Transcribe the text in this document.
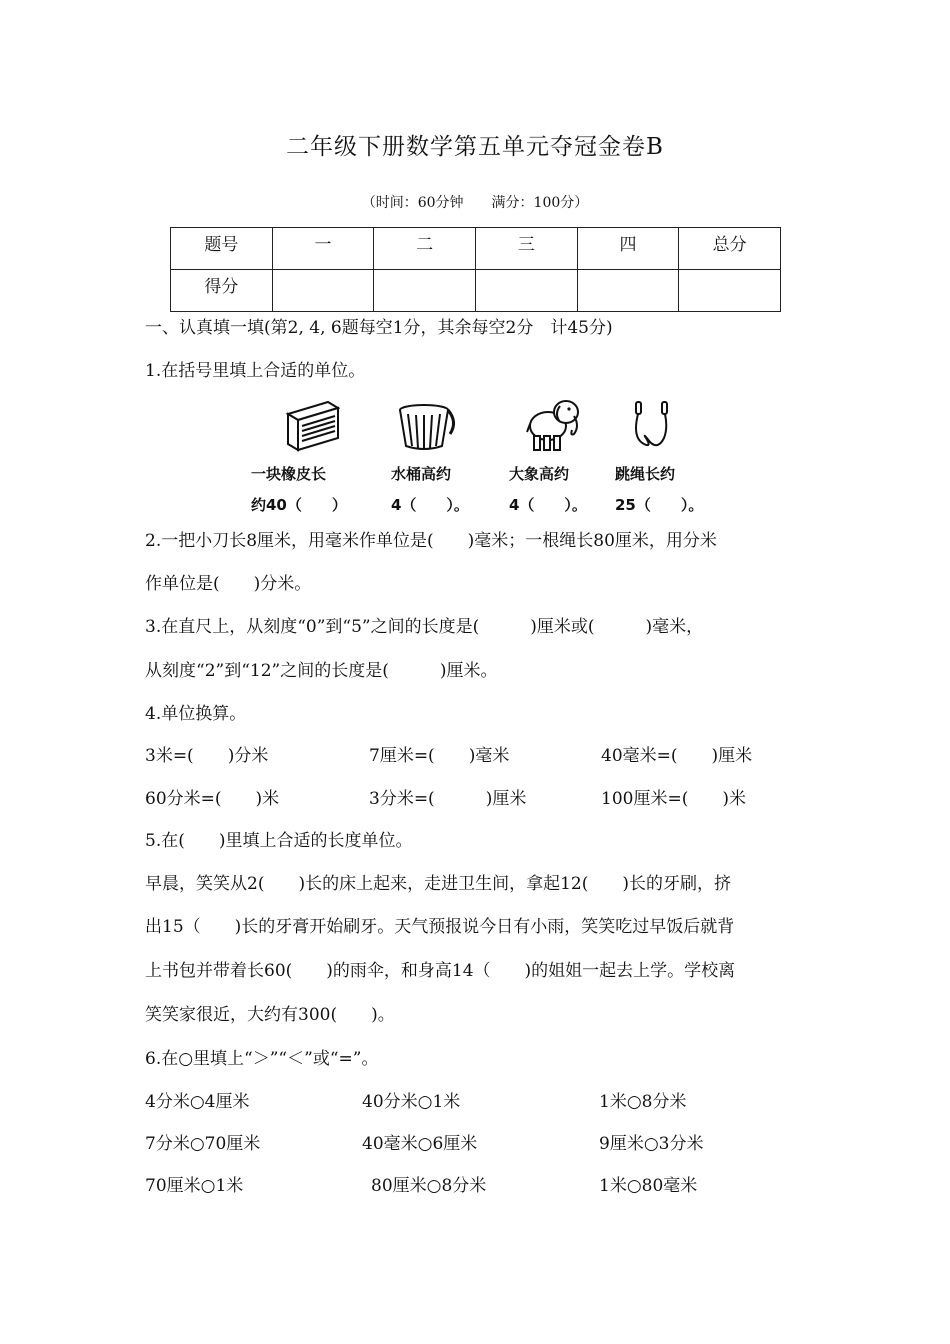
二年级下册数学第五单元夺冠金卷B
（时间：60分钟　　满分：100分）
题号	一	二	三	四	总分
得分					
一、认真填一填(第2, 4, 6题每空1分，其余每空2分　计45分)
1.在括号里填上合适的单位。
一块橡皮长	水桶高约	大象高约	跳绳长约
约40（　　）	4（　　）。	4（　　）。 25（　　）。
2.一把小刀长8厘米，用毫米作单位是(　　)毫米；一根绳长80厘米，用分米
作单位是(　　)分米。
3.在直尺上，从刻度“0”到“5”之间的长度是(　　　)厘米或(　　　)毫米，
从刻度“2”到“12”之间的长度是(　　　)厘米。
4.单位换算。
3米=(　　)分米	7厘米=(　　)毫米	40毫米=(　　)厘米
60分米=(　　)米	3分米=(　　　)厘米	100厘米=(　　)米
5.在(　　)里填上合适的长度单位。
早晨，笑笑从2(　　)长的床上起来，走进卫生间，拿起12(　　)长的牙刷，挤
出15（　　)长的牙膏开始刷牙。天气预报说今日有小雨，笑笑吃过早饭后就背
上书包并带着长60(　　)的雨伞，和身高14（　　)的姐姐一起去上学。学校离
笑笑家很近，大约有300(　　)。
6.在○里填上“＞”“＜”或“=”。
4分米○4厘米	40分米○1米	1米○8分米
7分米○70厘米	40毫米○6厘米	9厘米○3分米
70厘米○1米	80厘米○8分米	1米○80毫米
